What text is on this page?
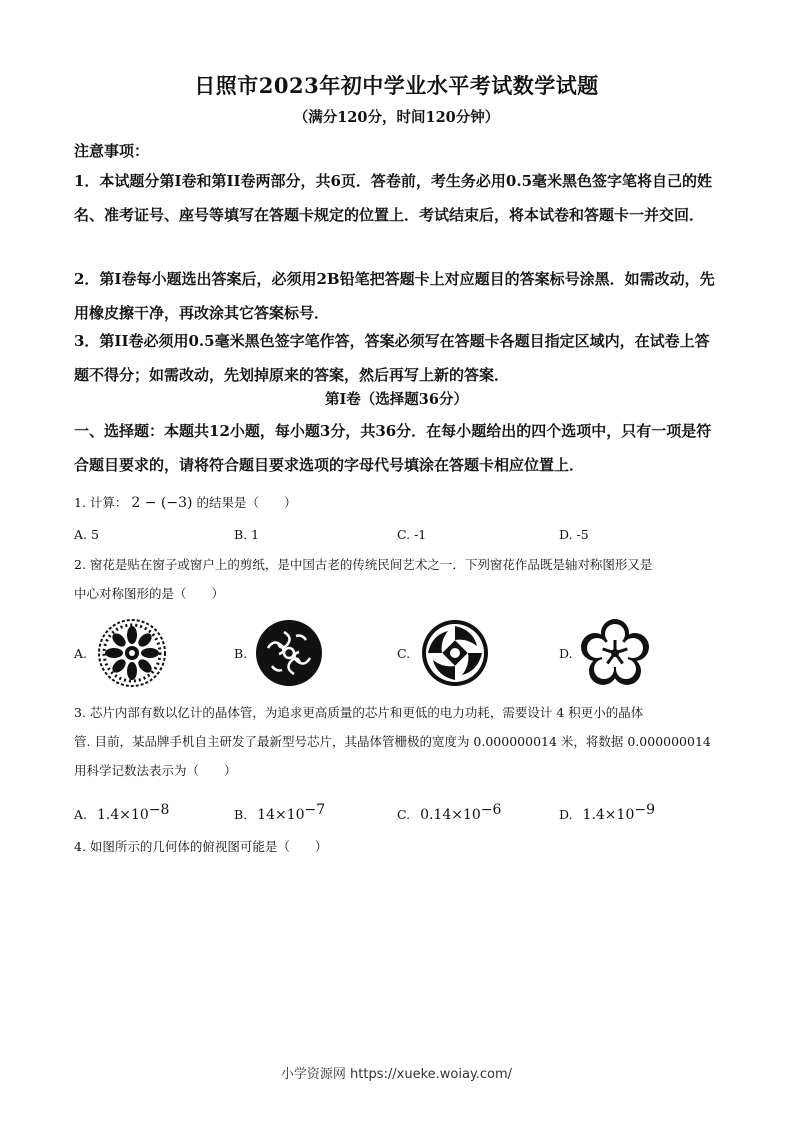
日照市2023年初中学业水平考试数学试题
（满分120分，时间120分钟）
注意事项：
1．本试题分第I卷和第II卷两部分，共6页．答卷前，考生务必用0.5毫米黑色签字笔将自己的姓名、准考证号、座号等填写在答题卡规定的位置上．考试结束后，将本试卷和答题卡一并交回．
2．第I卷每小题选出答案后，必须用2B铅笔把答题卡上对应题目的答案标号涂黑．如需改动，先用橡皮擦干净，再改涂其它答案标号．
3．第II卷必须用0.5毫米黑色签字笔作答，答案必须写在答题卡各题目指定区域内，在试卷上答题不得分；如需改动，先划掉原来的答案，然后再写上新的答案．
第I卷（选择题36分）
一、选择题：本题共12小题，每小题3分，共36分．在每小题给出的四个选项中，只有一项是符合题目要求的，请将符合题目要求选项的字母代号填涂在答题卡相应位置上．
1. 计算： 2 − (−3) 的结果是（　　）
A. 5	B. 1	C. -1	D. -5
2. 窗花是贴在窗子或窗户上的剪纸，是中国古老的传统民间艺术之一．下列窗花作品既是轴对称图形又是
中心对称图形的是（　　）
A.	B.	C.	D.
3. 芯片内部有数以亿计的晶体管，为追求更高质量的芯片和更低的电力功耗，需要设计 4 积更小的晶体
管. 目前，某品牌手机自主研发了最新型号芯片，其晶体管栅极的宽度为 0.000000014 米，将数据 0.000000014
用科学记数法表示为（　　）
A. $1.4\times 10^{-8}$	B. $14\times 10^{-7}$	C. $0.14\times 10^{-6}$	D. $1.4\times 10^{-9}$
4. 如图所示的几何体的俯视图可能是（　　）
小学资源网 https://xueke.woiay.com/
